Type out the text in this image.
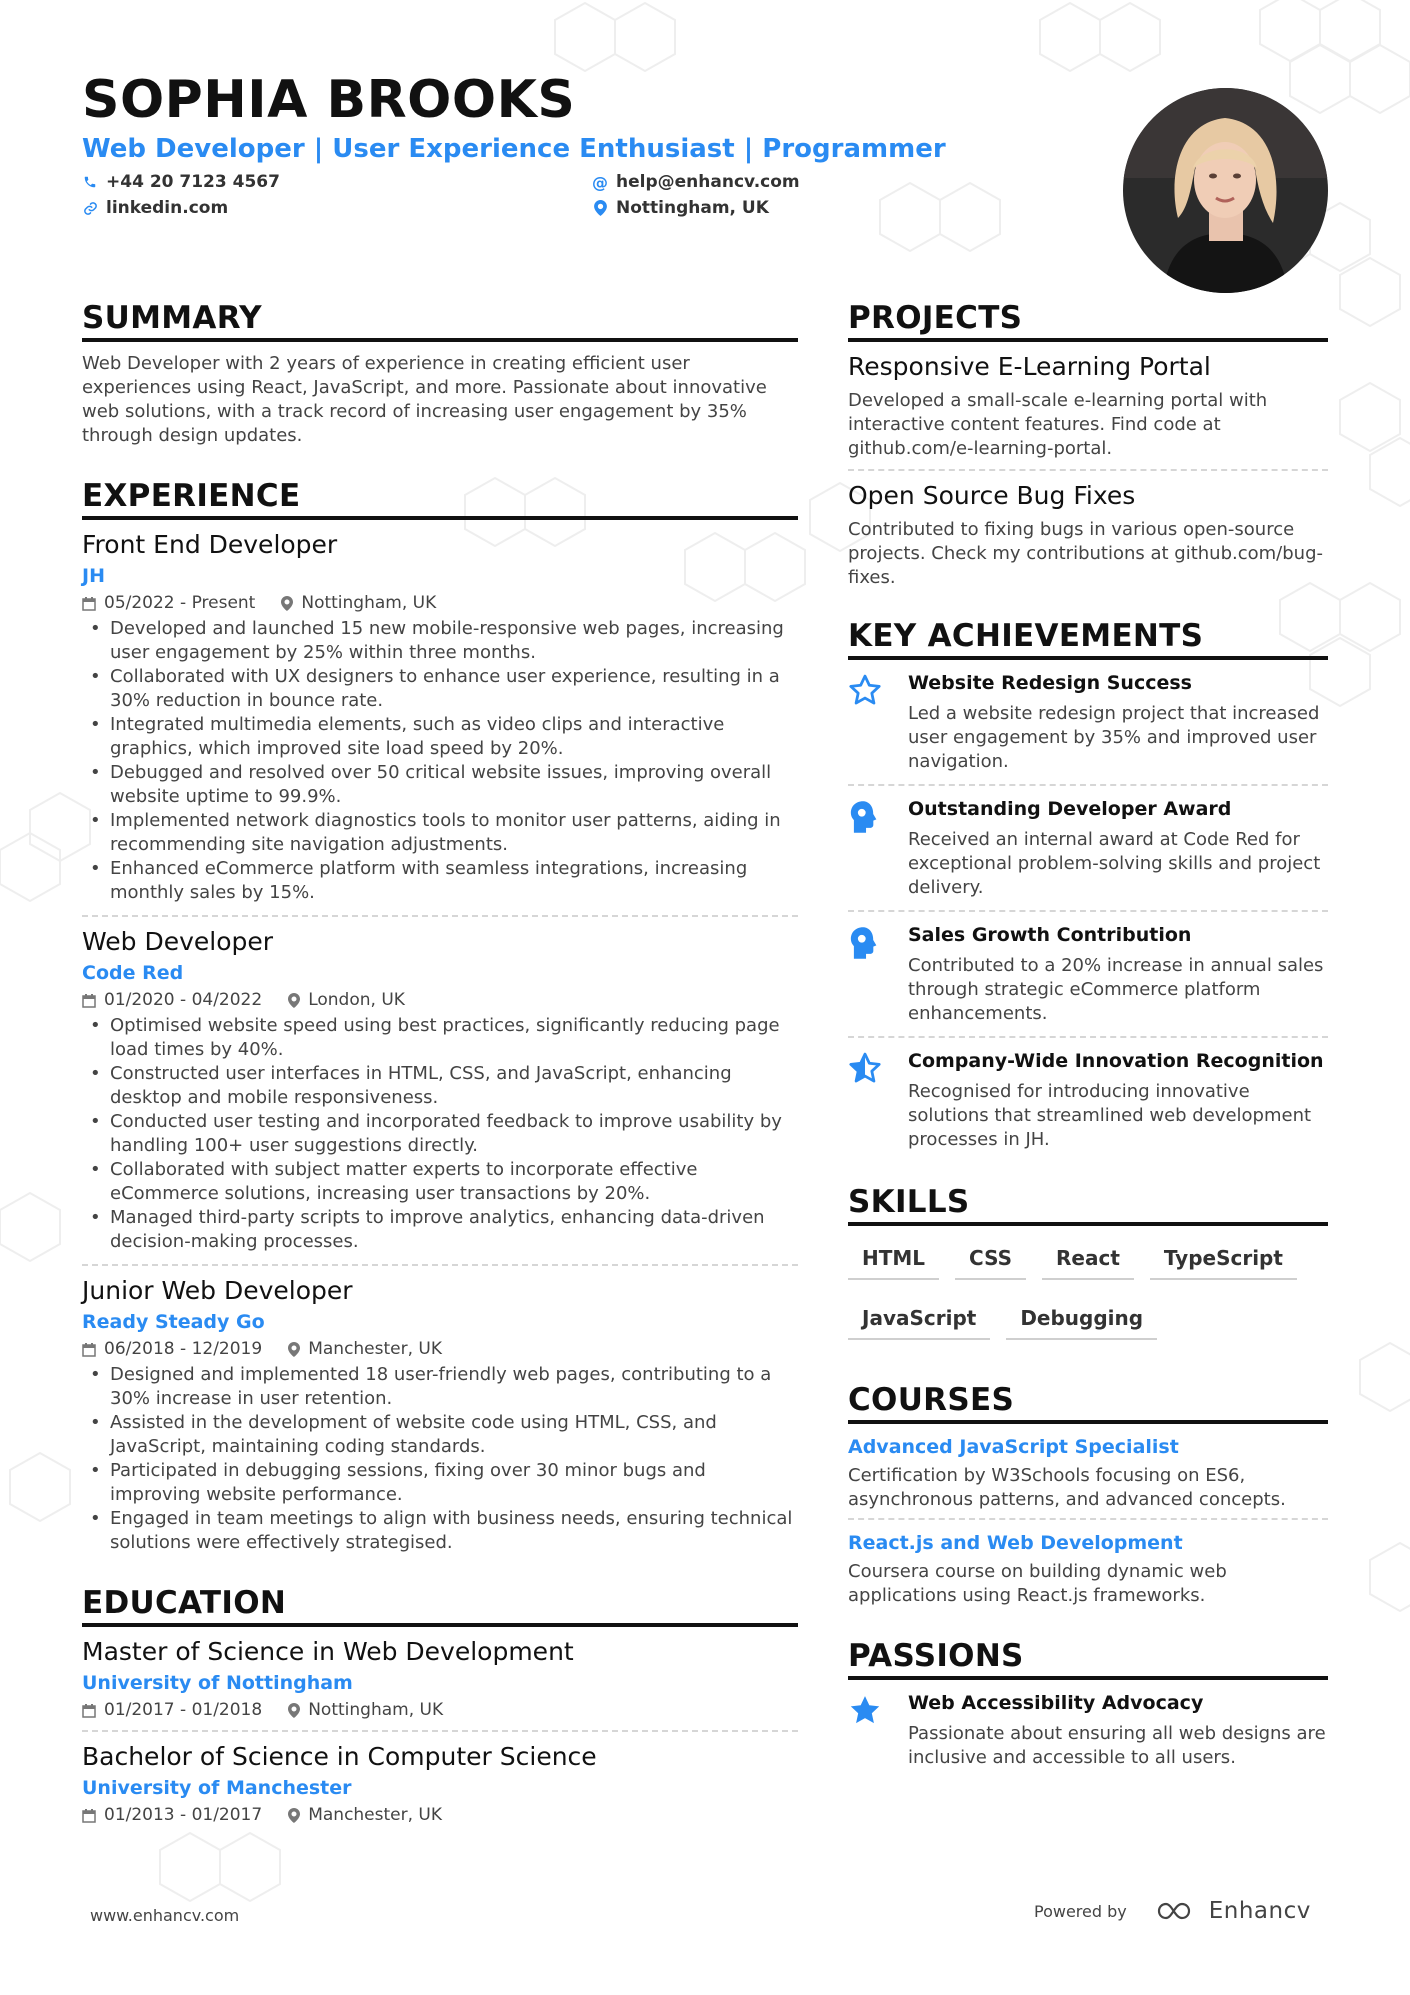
SOPHIA BROOKS
Web Developer | User Experience Enthusiast | Programmer
+44 20 7123 4567
linkedin.com
@ help@enhancv.com
Nottingham, UK
SUMMARY
Web Developer with 2 years of experience in creating efficient user experiences using React, JavaScript, and more. Passionate about innovative web solutions, with a track record of increasing user engagement by 35% through design updates.
EXPERIENCE
Front End Developer
JH
05/2022 - Present	Nottingham, UK
• Developed and launched 15 new mobile-responsive web pages, increasing user engagement by 25% within three months.
• Collaborated with UX designers to enhance user experience, resulting in a 30% reduction in bounce rate.
• Integrated multimedia elements, such as video clips and interactive graphics, which improved site load speed by 20%.
• Debugged and resolved over 50 critical website issues, improving overall website uptime to 99.9%.
• Implemented network diagnostics tools to monitor user patterns, aiding in recommending site navigation adjustments.
• Enhanced eCommerce platform with seamless integrations, increasing monthly sales by 15%.
Web Developer
Code Red
01/2020 - 04/2022	London, UK
• Optimised website speed using best practices, significantly reducing page load times by 40%.
• Constructed user interfaces in HTML, CSS, and JavaScript, enhancing desktop and mobile responsiveness.
• Conducted user testing and incorporated feedback to improve usability by handling 100+ user suggestions directly.
• Collaborated with subject matter experts to incorporate effective eCommerce solutions, increasing user transactions by 20%.
• Managed third-party scripts to improve analytics, enhancing data-driven decision-making processes.
Junior Web Developer
Ready Steady Go
06/2018 - 12/2019	Manchester, UK
• Designed and implemented 18 user-friendly web pages, contributing to a 30% increase in user retention.
• Assisted in the development of website code using HTML, CSS, and JavaScript, maintaining coding standards.
• Participated in debugging sessions, fixing over 30 minor bugs and improving website performance.
• Engaged in team meetings to align with business needs, ensuring technical solutions were effectively strategised.
EDUCATION
Master of Science in Web Development
University of Nottingham
01/2017 - 01/2018	Nottingham, UK
Bachelor of Science in Computer Science
University of Manchester
01/2013 - 01/2017	Manchester, UK
PROJECTS
Responsive E-Learning Portal
Developed a small-scale e-learning portal with interactive content features. Find code at github.com/e-learning-portal.
Open Source Bug Fixes
Contributed to fixing bugs in various open-source projects. Check my contributions at github.com/bug-fixes.
KEY ACHIEVEMENTS
Website Redesign Success
Led a website redesign project that increased user engagement by 35% and improved user navigation.
Outstanding Developer Award
Received an internal award at Code Red for exceptional problem-solving skills and project delivery.
Sales Growth Contribution
Contributed to a 20% increase in annual sales through strategic eCommerce platform enhancements.
Company-Wide Innovation Recognition
Recognised for introducing innovative solutions that streamlined web development processes in JH.
SKILLS
HTML	CSS	React	TypeScript
JavaScript	Debugging
COURSES
Advanced JavaScript Specialist
Certification by W3Schools focusing on ES6, asynchronous patterns, and advanced concepts.
React.js and Web Development
Coursera course on building dynamic web applications using React.js frameworks.
PASSIONS
Web Accessibility Advocacy
Passionate about ensuring all web designs are inclusive and accessible to all users.
www.enhancv.com	Powered by	Enhancv
